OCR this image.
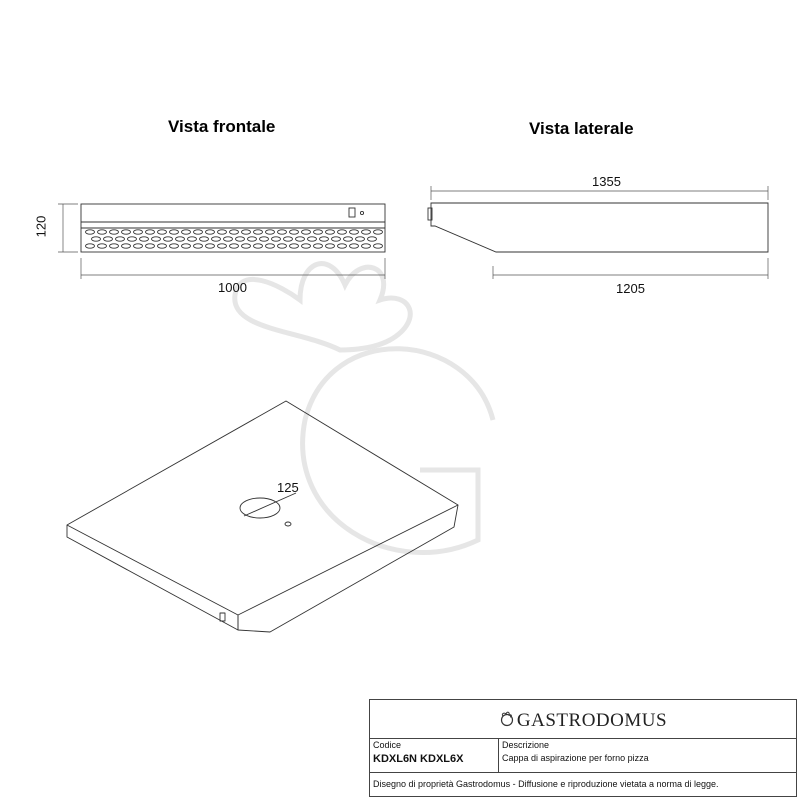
Vista frontale	Vista laterale
120
1000
1355
1205
125
GASTRODOMUS
Codice
KDXL6N KDXL6X
Descrizione
Cappa di aspirazione per forno pizza
Disegno di proprietà Gastrodomus - Diffusione e riproduzione vietata a norma di legge.
